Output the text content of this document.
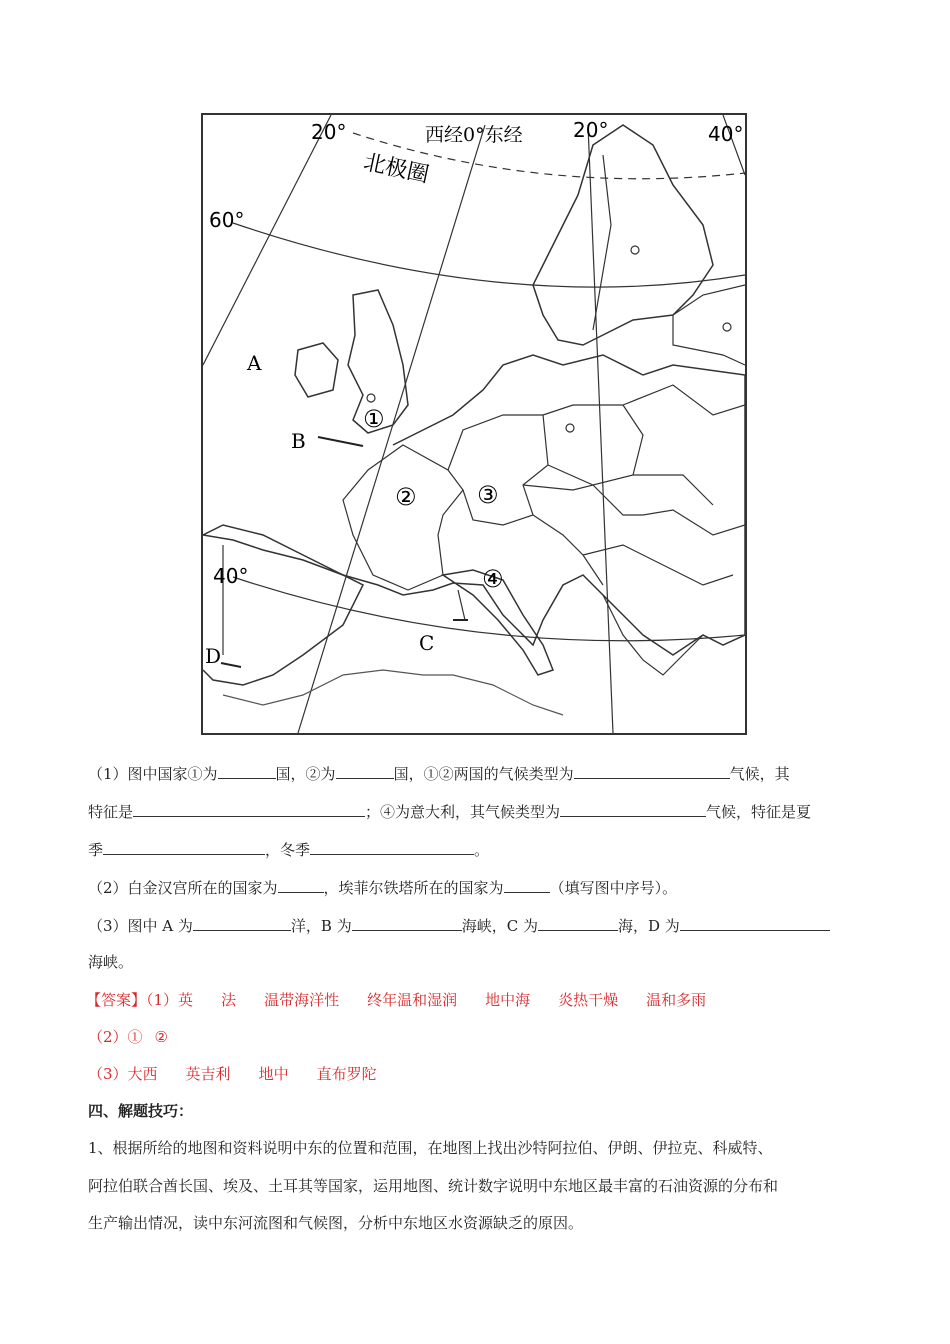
20°	西经0°东经	20°	40°
北极圈
60°
40°
A
B
C
D
①
②	③
④
（1）图中国家①为	国，②为	国，①②两国的气候类型为	气候，其
特征是	；④为意大利，其气候类型为	气候，特征是夏
季	，冬季	。
（2）白金汉宫所在的国家为	，埃菲尔铁塔所在的国家为	（填写图中序号）。
（3）图中 A 为	洋，B 为	海峡，C 为	海，D 为
海峡。
【答案】（1）英 法 温带海洋性 终年温和湿润 地中海 炎热干燥 温和多雨
（2）① ②
（3）大西 英吉利 地中 直布罗陀
四、解题技巧：
1、根据所给的地图和资料说明中东的位置和范围，在地图上找出沙特阿拉伯、伊朗、伊拉克、科威特、
阿拉伯联合酋长国、埃及、土耳其等国家，运用地图、统计数字说明中东地区最丰富的石油资源的分布和
生产输出情况，读中东河流图和气候图，分析中东地区水资源缺乏的原因。
